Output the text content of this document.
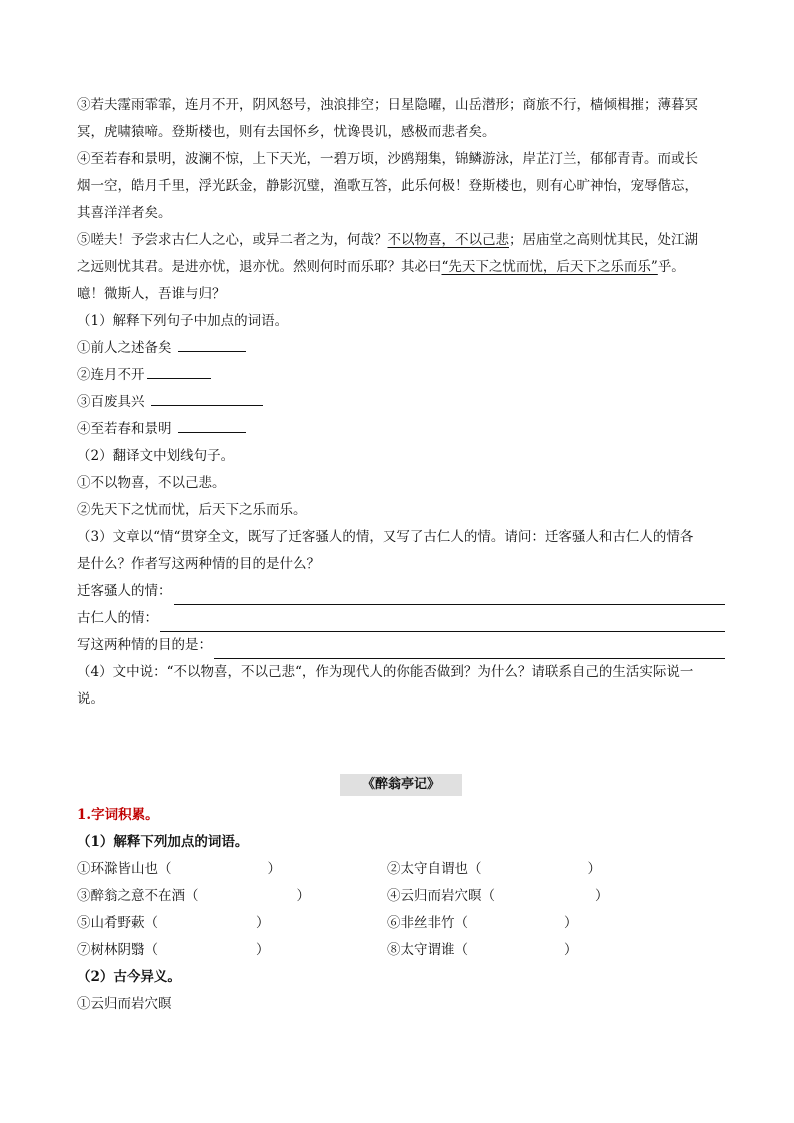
③若夫霪雨霏霏，连月不开，阴风怒号，浊浪排空；日星隐曜，山岳潜形；商旅不行，樯倾楫摧；薄暮冥
冥，虎啸猿啼。登斯楼也，则有去国怀乡，忧谗畏讥，感极而悲者矣。
④至若春和景明，波澜不惊，上下天光，一碧万顷，沙鸥翔集，锦鳞游泳，岸芷汀兰，郁郁青青。而或长
烟一空，皓月千里，浮光跃金，静影沉璧，渔歌互答，此乐何极！登斯楼也，则有心旷神怡，宠辱偕忘，
其喜洋洋者矣。
⑤嗟夫！予尝求古仁人之心，或异二者之为，何哉？不以物喜，不以己悲；居庙堂之高则忧其民，处江湖
之远则忧其君。是进亦忧，退亦忧。然则何时而乐耶？其必曰“先天下之忧而忧，后天下之乐而乐”乎。
噫！微斯人，吾谁与归？
（1）解释下列句子中加点的词语。
①前人之述备矣
②连月不开
③百废具兴
④至若春和景明
（2）翻译文中划线句子。
①不以物喜，不以己悲。
②先天下之忧而忧，后天下之乐而乐。
（3）文章以“情“贯穿全文，既写了迁客骚人的情，又写了古仁人的情。请问：迁客骚人和古仁人的情各
是什么？作者写这两种情的目的是什么？
迁客骚人的情：
古仁人的情：
写这两种情的目的是：
（4）文中说：“不以物喜，不以己悲“，作为现代人的你能否做到？为什么？请联系自己的生活实际说一
说。
《醉翁亭记》
1.字词积累。
（1）解释下列加点的词语。
①环滁皆山也（	）	②太守自谓也（	）
③醉翁之意不在酒（	）	④云归而岩穴暝（	）
⑤山肴野蔌（	）	⑥非丝非竹（	）
⑦树林阴翳（	）	⑧太守谓谁（	）
（2）古今异义。
①云归而岩穴暝
